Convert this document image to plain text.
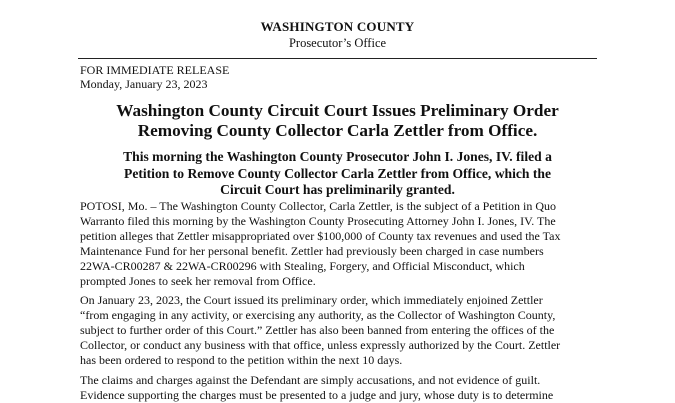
WASHINGTON COUNTY
Prosecutor’s Office
FOR IMMEDIATE RELEASE
Monday, January 23, 2023
Washington County Circuit Court Issues Preliminary Order
Removing County Collector Carla Zettler from Office.
This morning the Washington County Prosecutor John I. Jones, IV. filed a
Petition to Remove County Collector Carla Zettler from Office, which the
Circuit Court has preliminarily granted.
POTOSI, Mo. – The Washington County Collector, Carla Zettler, is the subject of a Petition in Quo
Warranto filed this morning by the Washington County Prosecuting Attorney John I. Jones, IV. The
petition alleges that Zettler misappropriated over $100,000 of County tax revenues and used the Tax
Maintenance Fund for her personal benefit. Zettler had previously been charged in case numbers
22WA-CR00287 & 22WA-CR00296 with Stealing, Forgery, and Official Misconduct, which
prompted Jones to seek her removal from Office.
On January 23, 2023, the Court issued its preliminary order, which immediately enjoined Zettler
“from engaging in any activity, or exercising any authority, as the Collector of Washington County,
subject to further order of this Court.” Zettler has also been banned from entering the offices of the
Collector, or conduct any business with that office, unless expressly authorized by the Court. Zettler
has been ordered to respond to the petition within the next 10 days.
The claims and charges against the Defendant are simply accusations, and not evidence of guilt.
Evidence supporting the charges must be presented to a judge and jury, whose duty is to determine
